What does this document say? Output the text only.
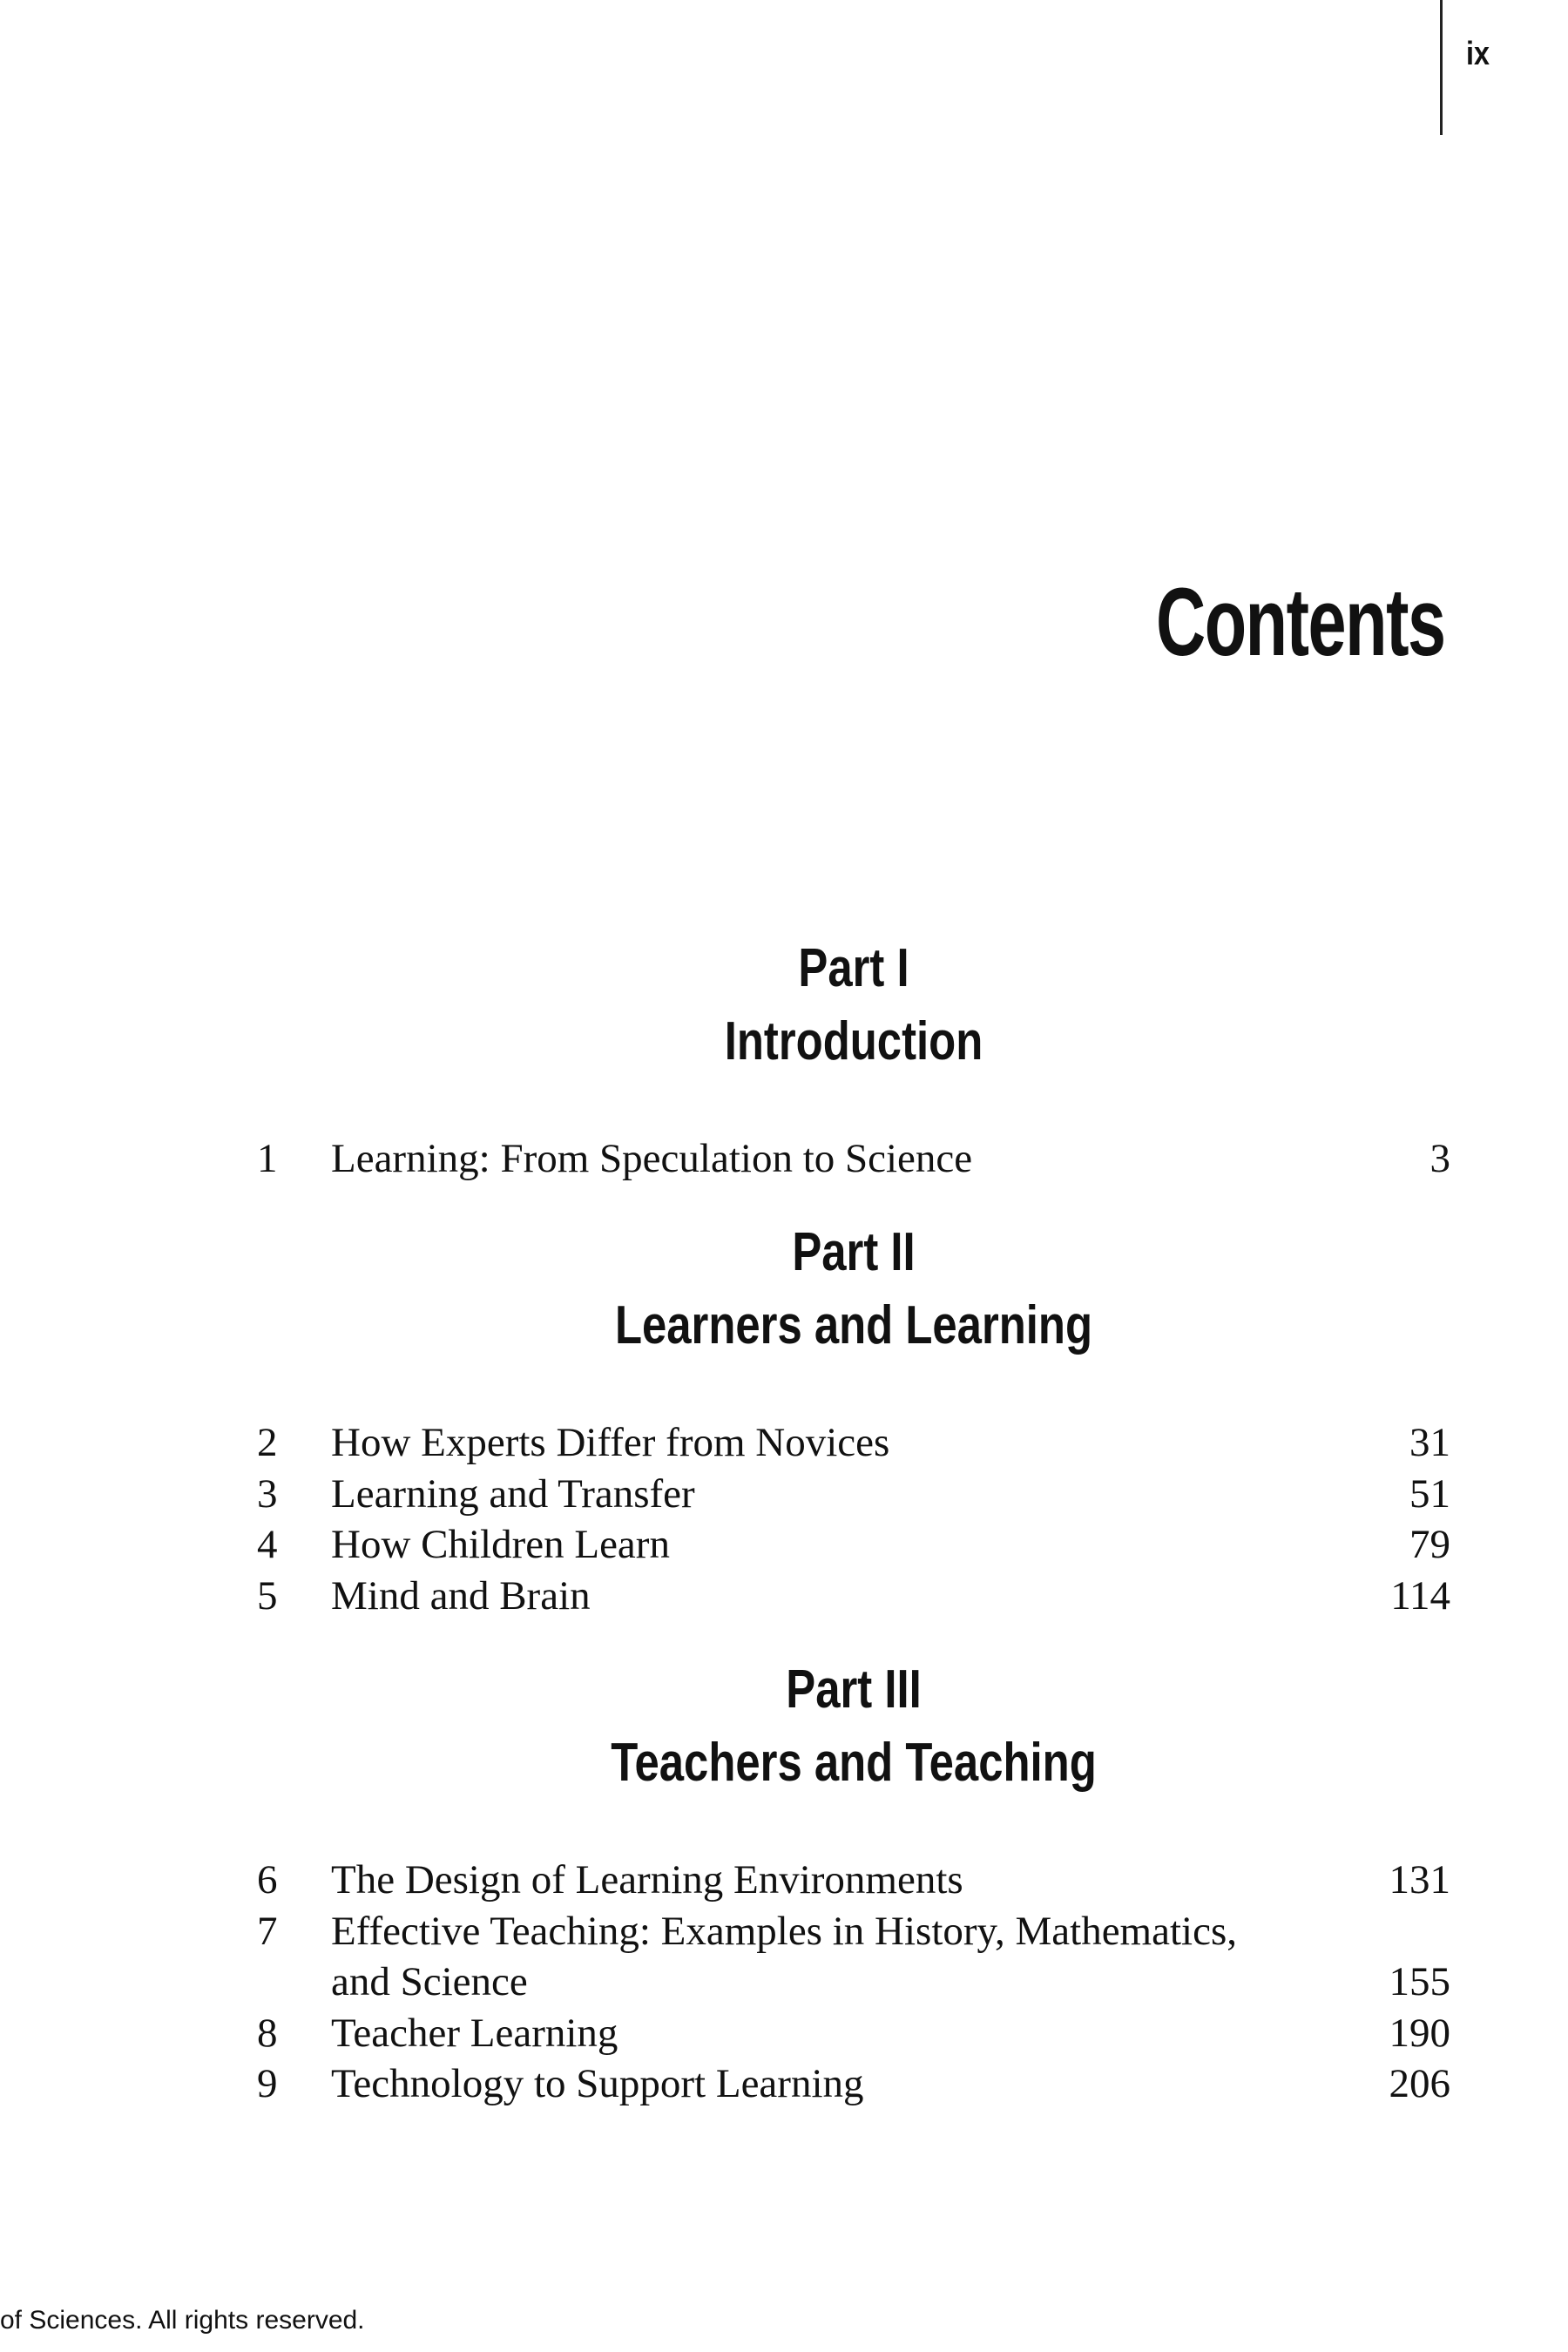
ix
Contents
Part I
Introduction
1	Learning: From Speculation to Science	3
Part II
Learners and Learning
2	How Experts Differ from Novices	31
3	Learning and Transfer	51
4	How Children Learn	79
5	Mind and Brain	114
Part III
Teachers and Teaching
6	The Design of Learning Environments	131
7	Effective Teaching: Examples in History, Mathematics,
and Science	155
8	Teacher Learning	190
9	Technology to Support Learning	206
of Sciences. All rights reserved.
